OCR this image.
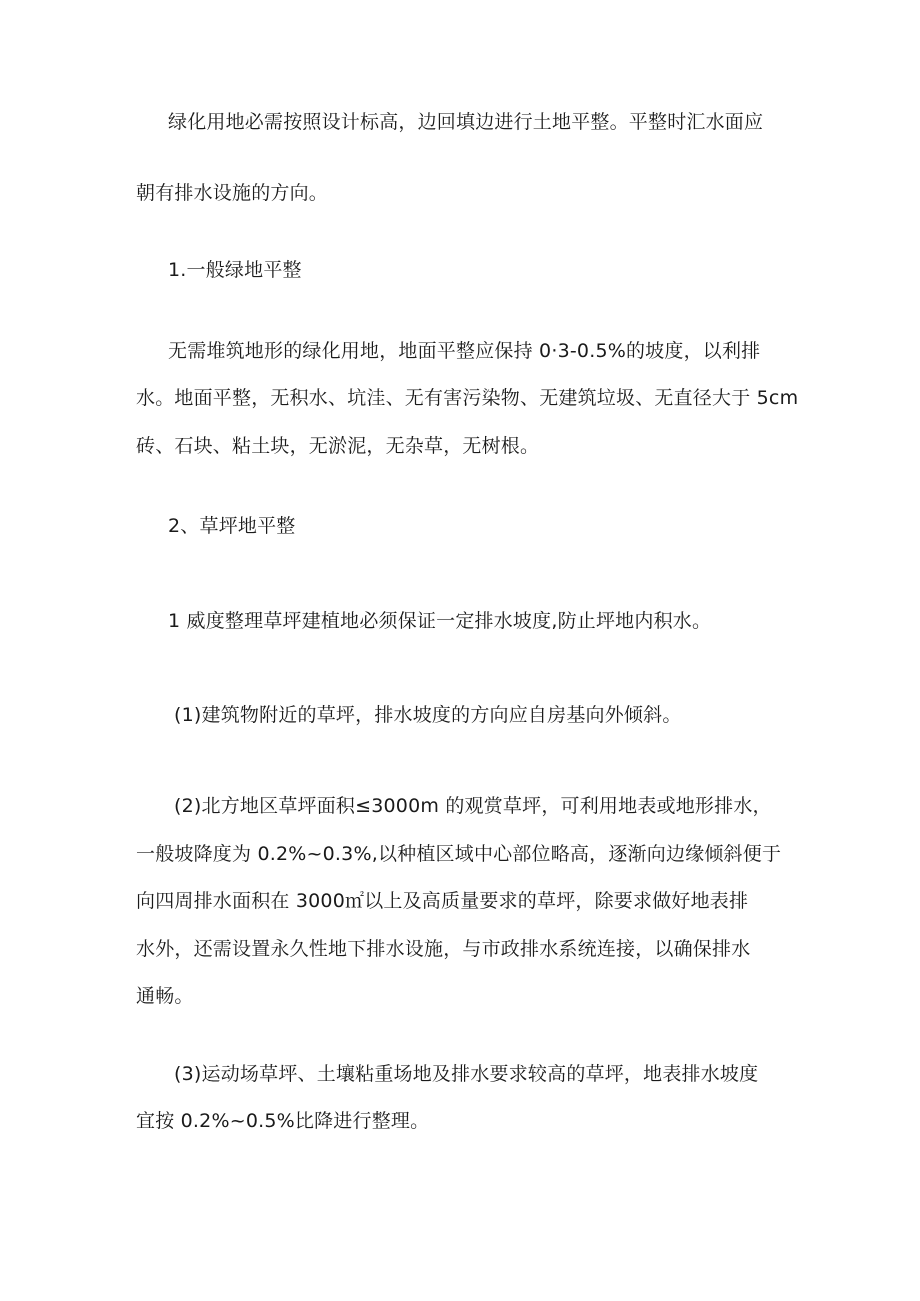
绿化用地必需按照设计标高，边回填边进行土地平整。平整时汇水面应
朝有排水设施的方向。
1.一般绿地平整
无需堆筑地形的绿化用地，地面平整应保持 0·3-0.5%的坡度，以利排
水。地面平整，无积水、坑洼、无有害污染物、无建筑垃圾、无直径大于 5cm
砖、石块、粘土块，无淤泥，无杂草，无树根。
2、草坪地平整
1 威度整理草坪建植地必须保证一定排水坡度,防止坪地内积水。
(1)建筑物附近的草坪，排水坡度的方向应自房基向外倾斜。
(2)北方地区草坪面积≤3000m 的观赏草坪，可利用地表或地形排水，
一般坡降度为 0.2%~0.3%,以种植区域中心部位略高，逐渐向边缘倾斜便于
向四周排水面积在 3000㎡以上及高质量要求的草坪，除要求做好地表排
水外，还需设置永久性地下排水设施，与市政排水系统连接，以确保排水
通畅。
(3)运动场草坪、土壤粘重场地及排水要求较高的草坪，地表排水坡度
宜按 0.2%~0.5%比降进行整理。
